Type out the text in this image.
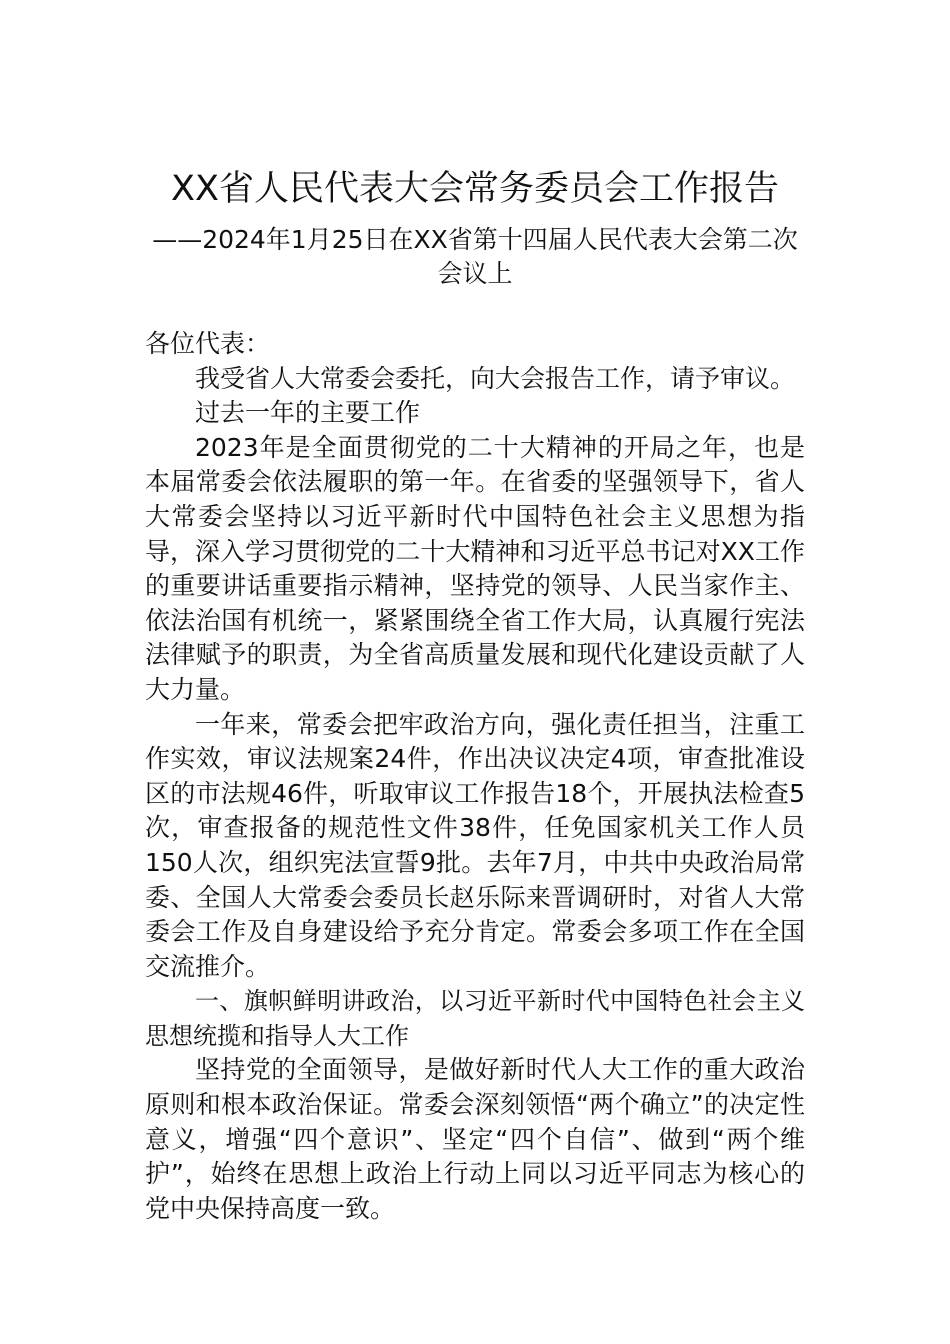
XX省人民代表大会常务委员会工作报告
——2024年1月25日在XX省第十四届人民代表大会第二次会议上

各位代表：

我受省人大常委会委托，向大会报告工作，请予审议。

过去一年的主要工作

2023年是全面贯彻党的二十大精神的开局之年，也是本届常委会依法履职的第一年。在省委的坚强领导下，省人大常委会坚持以习近平新时代中国特色社会主义思想为指导，深入学习贯彻党的二十大精神和习近平总书记对XX工作的重要讲话重要指示精神，坚持党的领导、人民当家作主、依法治国有机统一，紧紧围绕全省工作大局，认真履行宪法法律赋予的职责，为全省高质量发展和现代化建设贡献了人大力量。

一年来，常委会把牢政治方向，强化责任担当，注重工作实效，审议法规案24件，作出决议决定4项，审查批准设区的市法规46件，听取审议工作报告18个，开展执法检查5次，审查报备的规范性文件38件，任免国家机关工作人员150人次，组织宪法宣誓9批。去年7月，中共中央政治局常委、全国人大常委会委员长赵乐际来晋调研时，对省人大常委会工作及自身建设给予充分肯定。常委会多项工作在全国交流推介。

一、旗帜鲜明讲政治，以习近平新时代中国特色社会主义思想统揽和指导人大工作

坚持党的全面领导，是做好新时代人大工作的重大政治原则和根本政治保证。常委会深刻领悟“两个确立”的决定性意义，增强“四个意识”、坚定“四个自信”、做到“两个维护”，始终在思想上政治上行动上同以习近平同志为核心的党中央保持高度一致。
